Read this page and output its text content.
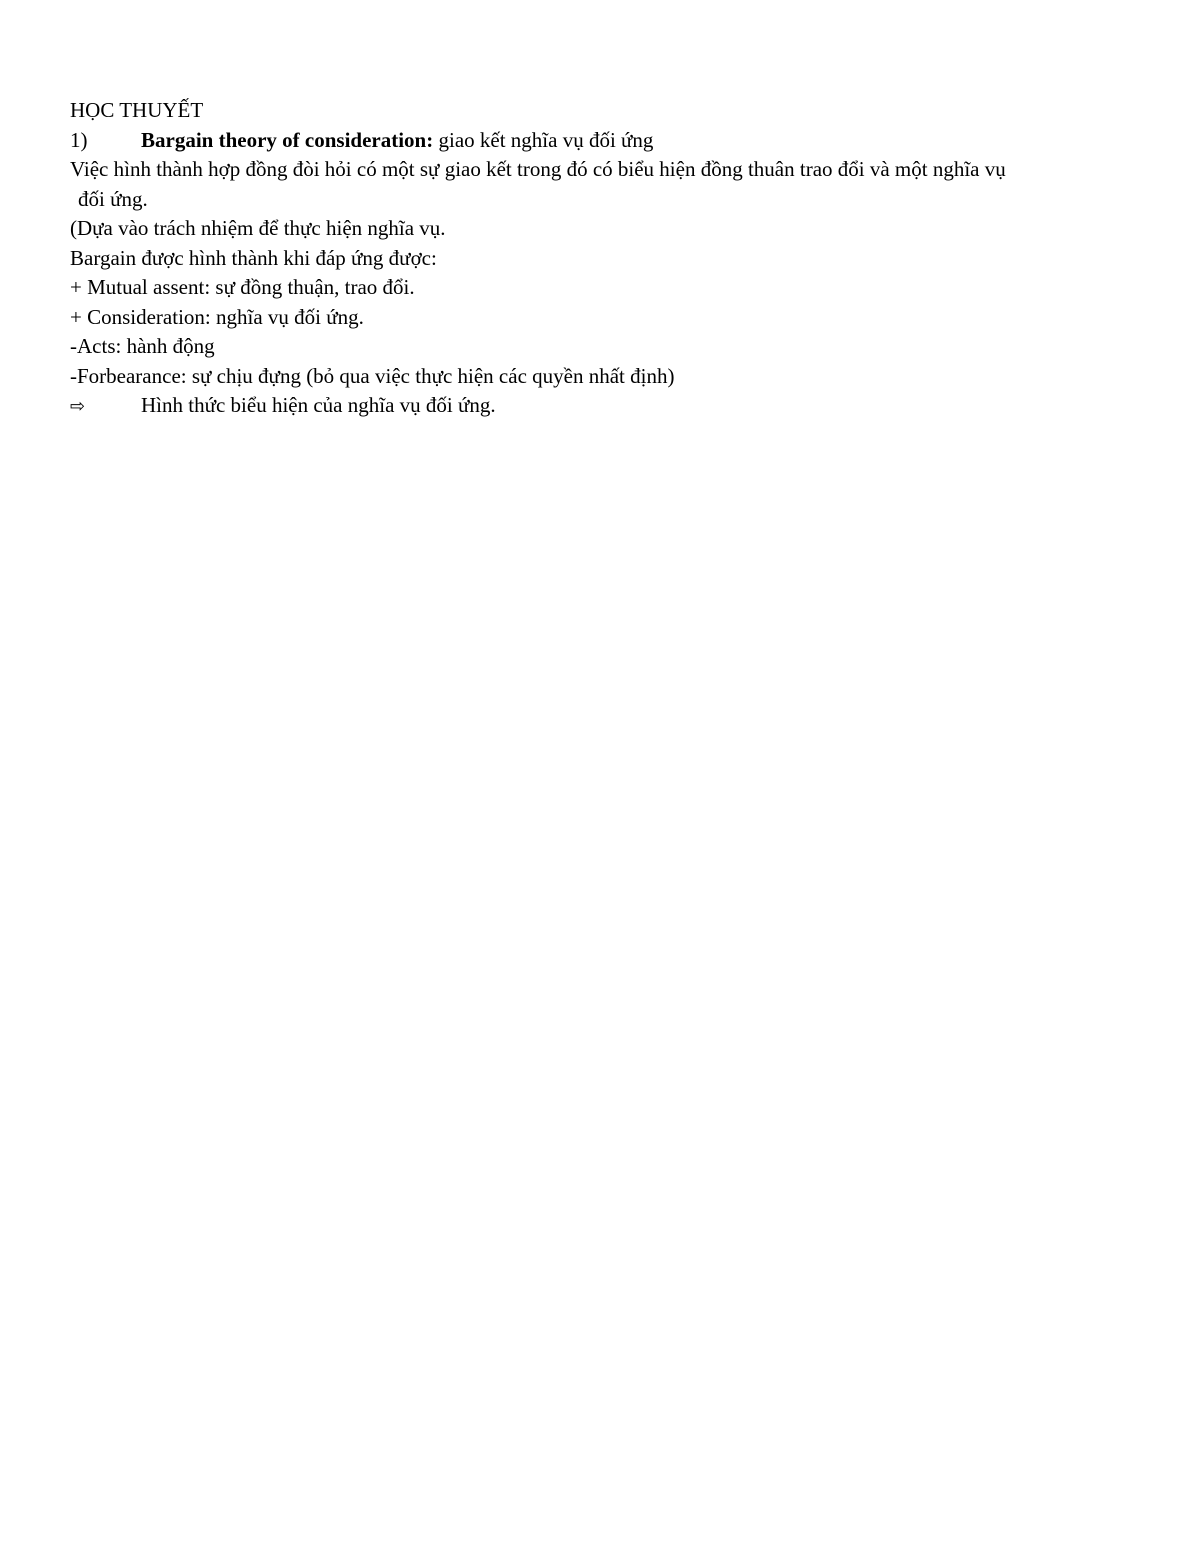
HỌC THUYẾT
1)	Bargain theory of consideration: giao kết nghĩa vụ đối ứng
Việc hình thành hợp đồng đòi hỏi có một sự giao kết trong đó có biểu hiện đồng thuân trao đổi và một nghĩa vụ
đối ứng.
(Dựa vào trách nhiệm để thực hiện nghĩa vụ.
Bargain được hình thành khi đáp ứng được:
+ Mutual assent: sự đồng thuận, trao đổi.
+ Consideration: nghĩa vụ đối ứng.
-Acts: hành động
-Forbearance: sự chịu đựng (bỏ qua việc thực hiện các quyền nhất định)
⇨	Hình thức biểu hiện của nghĩa vụ đối ứng.
